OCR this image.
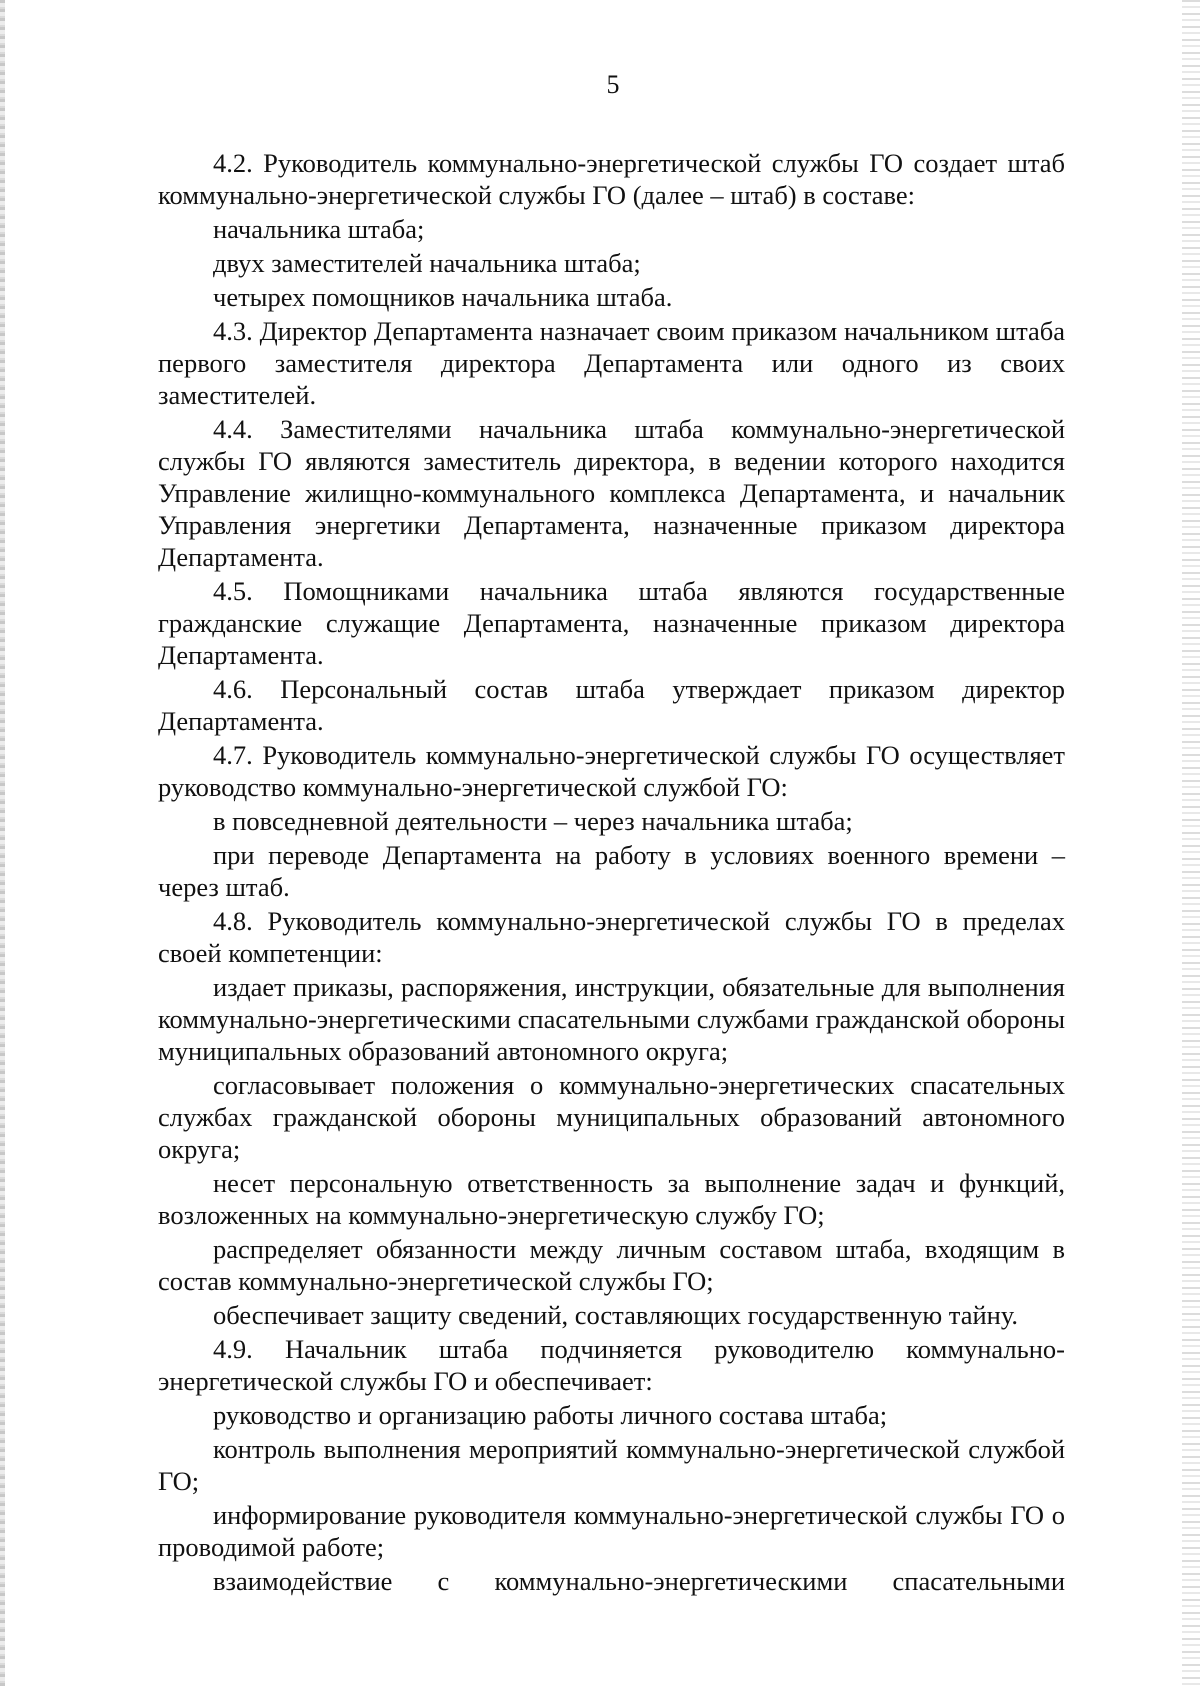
5

4.2. Руководитель коммунально-энергетической службы ГО создает штаб коммунально-энергетической службы ГО (далее – штаб) в составе:

начальника штаба;

двух заместителей начальника штаба;

четырех помощников начальника штаба.

4.3. Директор Департамента назначает своим приказом начальником штаба первого заместителя директора Департамента или одного из своих заместителей.

4.4. Заместителями начальника штаба коммунально-энергетической службы ГО являются заместитель директора, в ведении которого находится Управление жилищно-коммунального комплекса Департамента, и начальник Управления энергетики Департамента, назначенные приказом директора Департамента.

4.5. Помощниками начальника штаба являются государственные гражданские служащие Департамента, назначенные приказом директора Департамента.

4.6. Персональный состав штаба утверждает приказом директор Департамента.

4.7. Руководитель коммунально-энергетической службы ГО осуществляет руководство коммунально-энергетической службой ГО:

в повседневной деятельности – через начальника штаба;

при переводе Департамента на работу в условиях военного времени – через штаб.

4.8. Руководитель коммунально-энергетической службы ГО в пределах своей компетенции:

издает приказы, распоряжения, инструкции, обязательные для выполнения коммунально-энергетическими спасательными службами гражданской обороны муниципальных образований автономного округа;

согласовывает положения о коммунально-энергетических спасательных службах гражданской обороны муниципальных образований автономного округа;

несет персональную ответственность за выполнение задач и функций, возложенных на коммунально-энергетическую службу ГО;

распределяет обязанности между личным составом штаба, входящим в состав коммунально-энергетической службы ГО;

обеспечивает защиту сведений, составляющих государственную тайну.

4.9. Начальник штаба подчиняется руководителю коммунально-энергетической службы ГО и обеспечивает:

руководство и организацию работы личного состава штаба;

контроль выполнения мероприятий коммунально-энергетической службой ГО;

информирование руководителя коммунально-энергетической службы ГО о проводимой работе;

взаимодействие с коммунально-энергетическими спасательными
